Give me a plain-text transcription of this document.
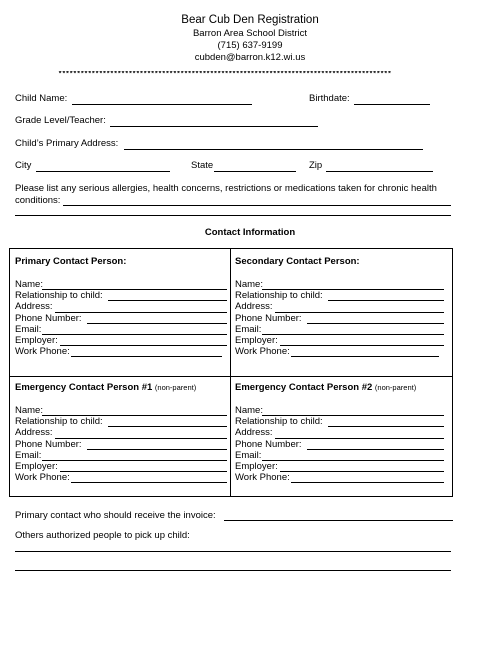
Bear Cub Den Registration
Barron Area School District
(715) 637-9199
cubden@barron.k12.wi.us
******************************************************************************************
Child Name:	Birthdate:
Grade Level/Teacher:
Child’s Primary Address:
City	State	Zip
Please list any serious allergies, health concerns, restrictions or medications taken for chronic health
conditions:
Contact Information
Primary Contact Person:
Name:
Relationship to child:
Address:
Phone Number:
Email:
Employer:
Work Phone:
Secondary Contact Person:
Name:
Relationship to child:
Address:
Phone Number:
Email:
Employer:
Work Phone:
Emergency Contact Person #1 (non-parent)
Name:
Relationship to child:
Address:
Phone Number:
Email:
Employer:
Work Phone:
Emergency Contact Person #2 (non-parent)
Name:
Relationship to child:
Address:
Phone Number:
Email:
Employer:
Work Phone:
Primary contact who should receive the invoice:
Others authorized people to pick up child:
